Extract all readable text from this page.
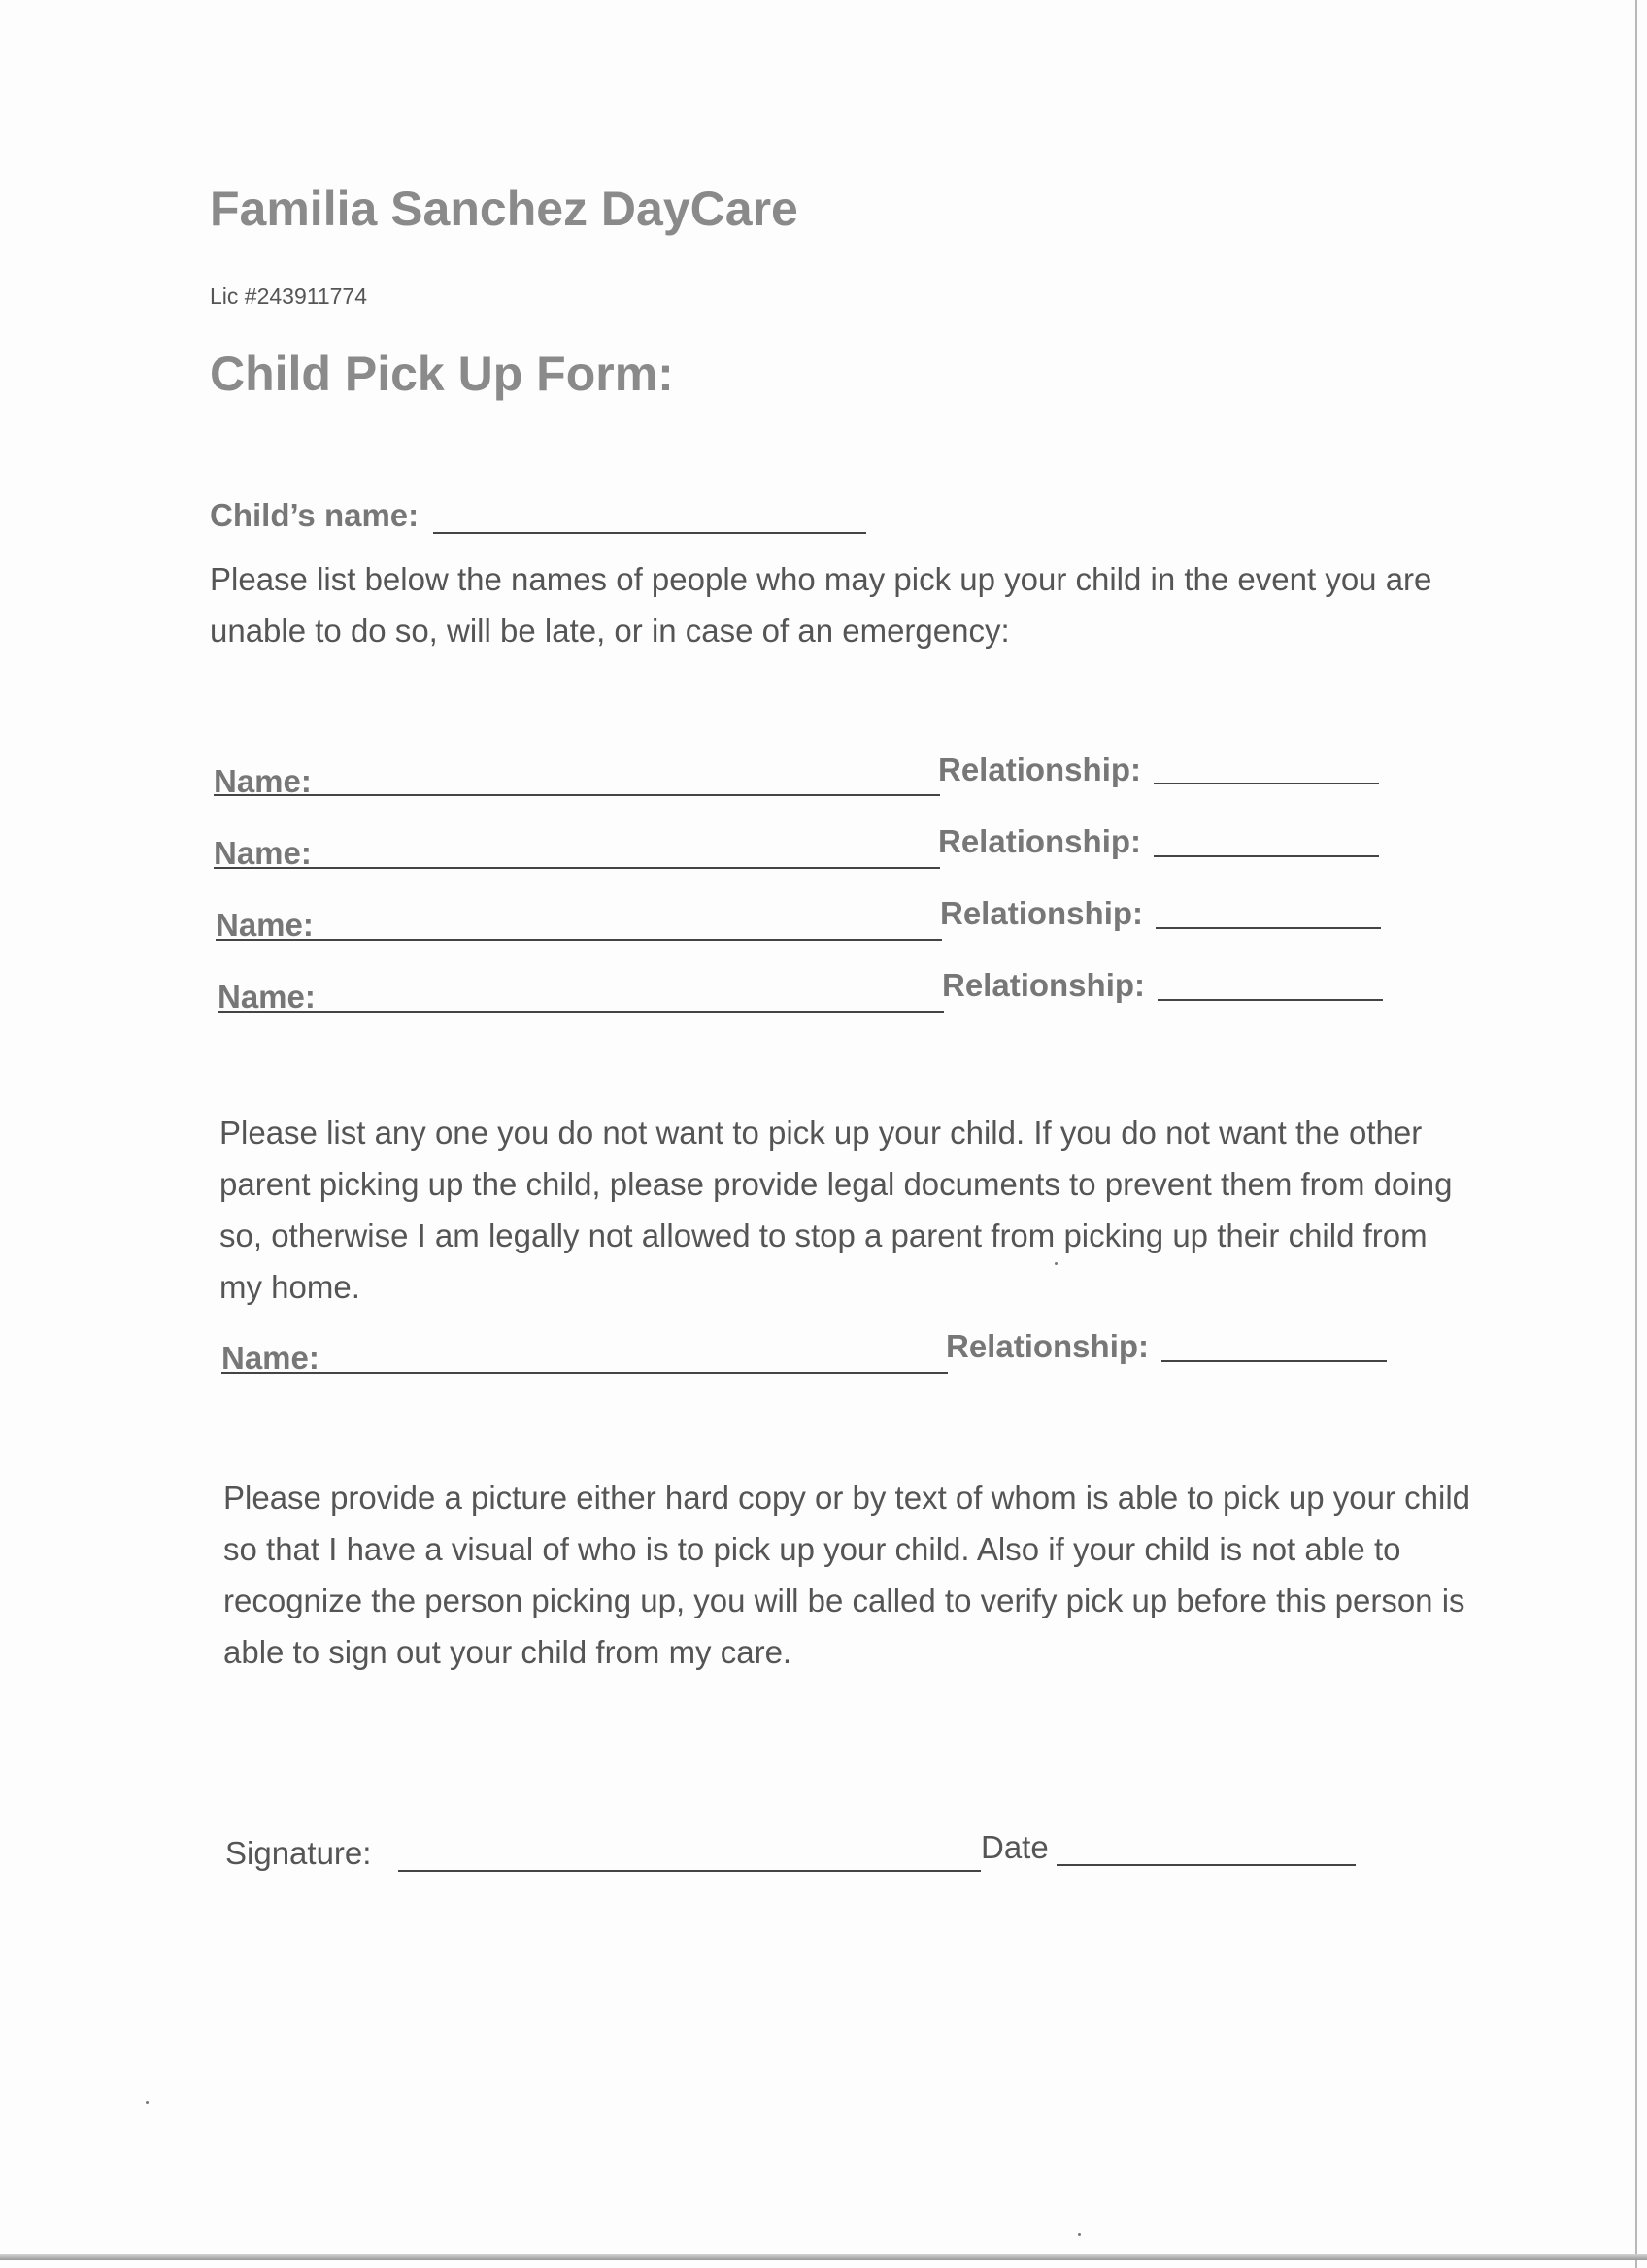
Familia Sanchez DayCare
Lic #243911774
Child Pick Up Form:
Child’s name:
Please list below the names of people who may pick up your child in the event you are unable to do so, will be late, or in case of an emergency:
Name:	Relationship:
Name:	Relationship:
Name:	Relationship:
Name:	Relationship:
Please list any one you do not want to pick up your child. If you do not want the other parent picking up the child, please provide legal documents to prevent them from doing so, otherwise I am legally not allowed to stop a parent from picking up their child from my home.
Name:	Relationship:
Please provide a picture either hard copy or by text of whom is able to pick up your child so that I have a visual of who is to pick up your child. Also if your child is not able to recognize the person picking up, you will be called to verify pick up before this person is able to sign out your child from my care.
Signature:	Date
